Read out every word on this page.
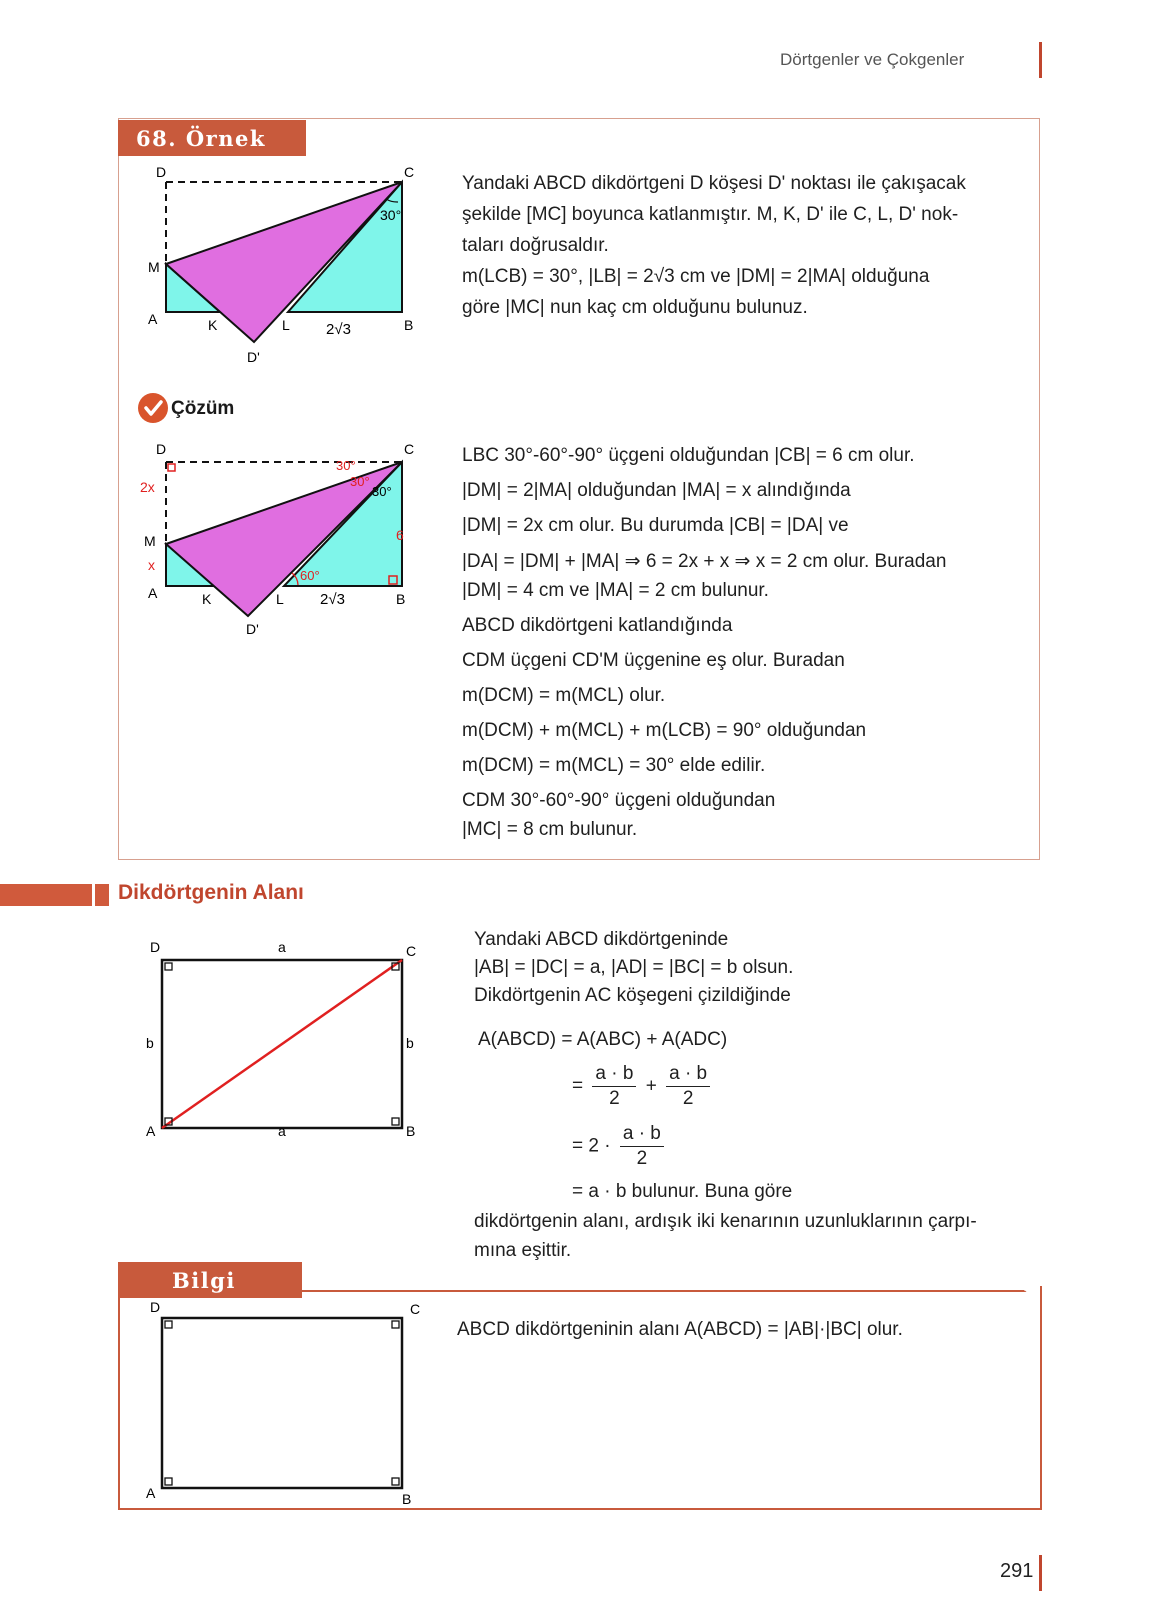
Dörtgenler ve Çokgenler
68. Örnek
D	C
30°
M
A	K	L 2√3	B
D'
Yandaki ABCD dikdörtgeni D köşesi D' noktası ile çakışacak
şekilde [MC] boyunca katlanmıştır. M, K, D' ile C, L, D' nok-
taları doğrusaldır.
m(LCB) = 30°, |LB| = 2√3 cm ve |DM| = 2|MA| olduğuna
göre |MC| nun kaç cm olduğunu bulunuz.
Çözüm
D	C
30°
30°
30°
2x
M
x
6
60°
A	K	L 2√3	B
D'
LBC 30°-60°-90° üçgeni olduğundan |CB| = 6 cm olur.
|DM| = 2|MA| olduğundan |MA| = x alındığında
|DM| = 2x cm olur. Bu durumda |CB| = |DA| ve
|DA| = |DM| + |MA| ⇒ 6 = 2x + x ⇒ x = 2 cm olur. Buradan
|DM| = 4 cm ve |MA| = 2 cm bulunur.
ABCD dikdörtgeni katlandığında
CDM üçgeni CD'M üçgenine eş olur. Buradan
m(DCM) = m(MCL) olur.
m(DCM) + m(MCL) + m(LCB) = 90° olduğundan
m(DCM) = m(MCL) = 30° elde edilir.
CDM 30°-60°-90° üçgeni olduğundan
|MC| = 8 cm bulunur.
Dikdörtgenin Alanı
D	C
a
b	b
A	a	B
Yandaki ABCD dikdörtgeninde
|AB| = |DC| = a, |AD| = |BC| = b olsun.
Dikdörtgenin AC köşegeni çizildiğinde
A(ABCD) = A(ABC) + A(ADC)
= $\frac{a \cdot b}{2} + \frac{a \cdot b}{2}$
= $2 \cdot \frac{a \cdot b}{2}$
= a · b bulunur. Buna göre
dikdörtgenin alanı, ardışık iki kenarının uzunluklarının çarpı-
mına eşittir.
Bilgi
D	C
A	B
ABCD dikdörtgeninin alanı A(ABCD) = |AB|·|BC| olur.
291
